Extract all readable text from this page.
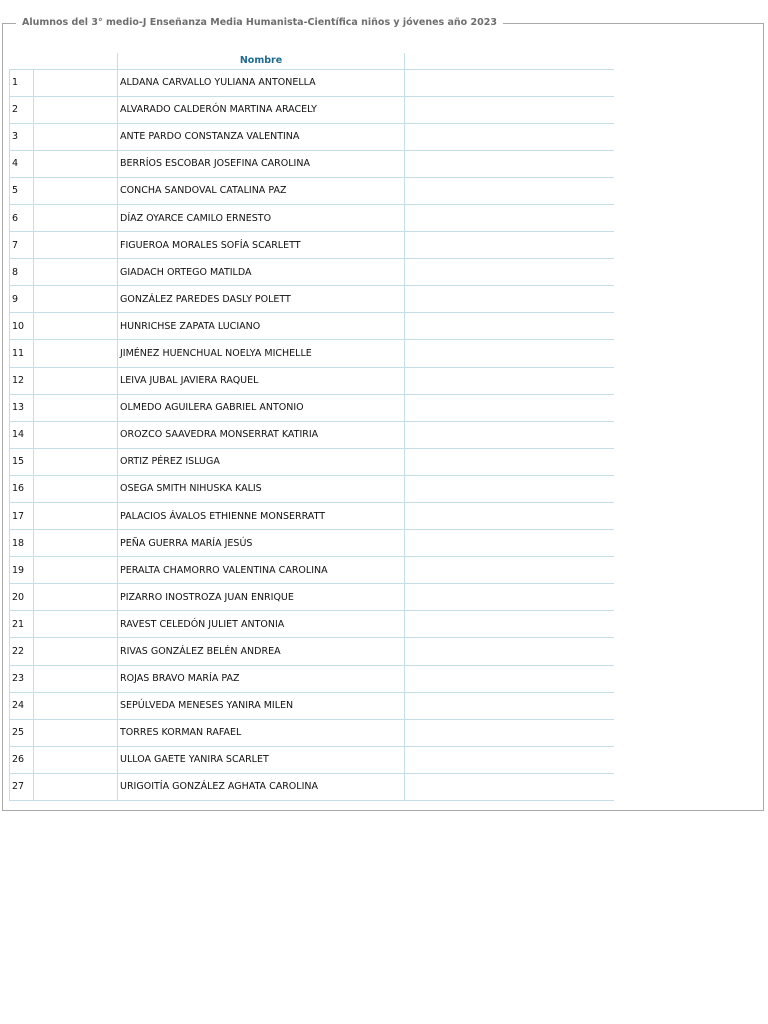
Alumnos del 3° medio-J Enseñanza Media Humanista-Científica niños y jóvenes año 2023
		Nombre	
1		ALDANA CARVALLO YULIANA ANTONELLA	
2		ALVARADO CALDERÓN MARTINA ARACELY	
3		ANTE PARDO CONSTANZA VALENTINA	
4		BERRÍOS ESCOBAR JOSEFINA CAROLINA	
5		CONCHA SANDOVAL CATALINA PAZ	
6		DÍAZ OYARCE CAMILO ERNESTO	
7		FIGUEROA MORALES SOFÍA SCARLETT	
8		GIADACH ORTEGO MATILDA	
9		GONZÁLEZ PAREDES DASLY POLETT	
10		HUNRICHSE ZAPATA LUCIANO	
11		JIMÉNEZ HUENCHUAL NOELYA MICHELLE	
12		LEIVA JUBAL JAVIERA RAQUEL	
13		OLMEDO AGUILERA GABRIEL ANTONIO	
14		OROZCO SAAVEDRA MONSERRAT KATIRIA	
15		ORTIZ PÉREZ ISLUGA	
16		OSEGA SMITH NIHUSKA KALIS	
17		PALACIOS ÁVALOS ETHIENNE MONSERRATT	
18		PEÑA GUERRA MARÍA JESÚS	
19		PERALTA CHAMORRO VALENTINA CAROLINA	
20		PIZARRO INOSTROZA JUAN ENRIQUE	
21		RAVEST CELEDÓN JULIET ANTONIA	
22		RIVAS GONZÁLEZ BELÉN ANDREA	
23		ROJAS BRAVO MARÍA PAZ	
24		SEPÚLVEDA MENESES YANIRA MILEN	
25		TORRES KORMAN RAFAEL	
26		ULLOA GAETE YANIRA SCARLET	
27		URIGOITÍA GONZÁLEZ AGHATA CAROLINA	
